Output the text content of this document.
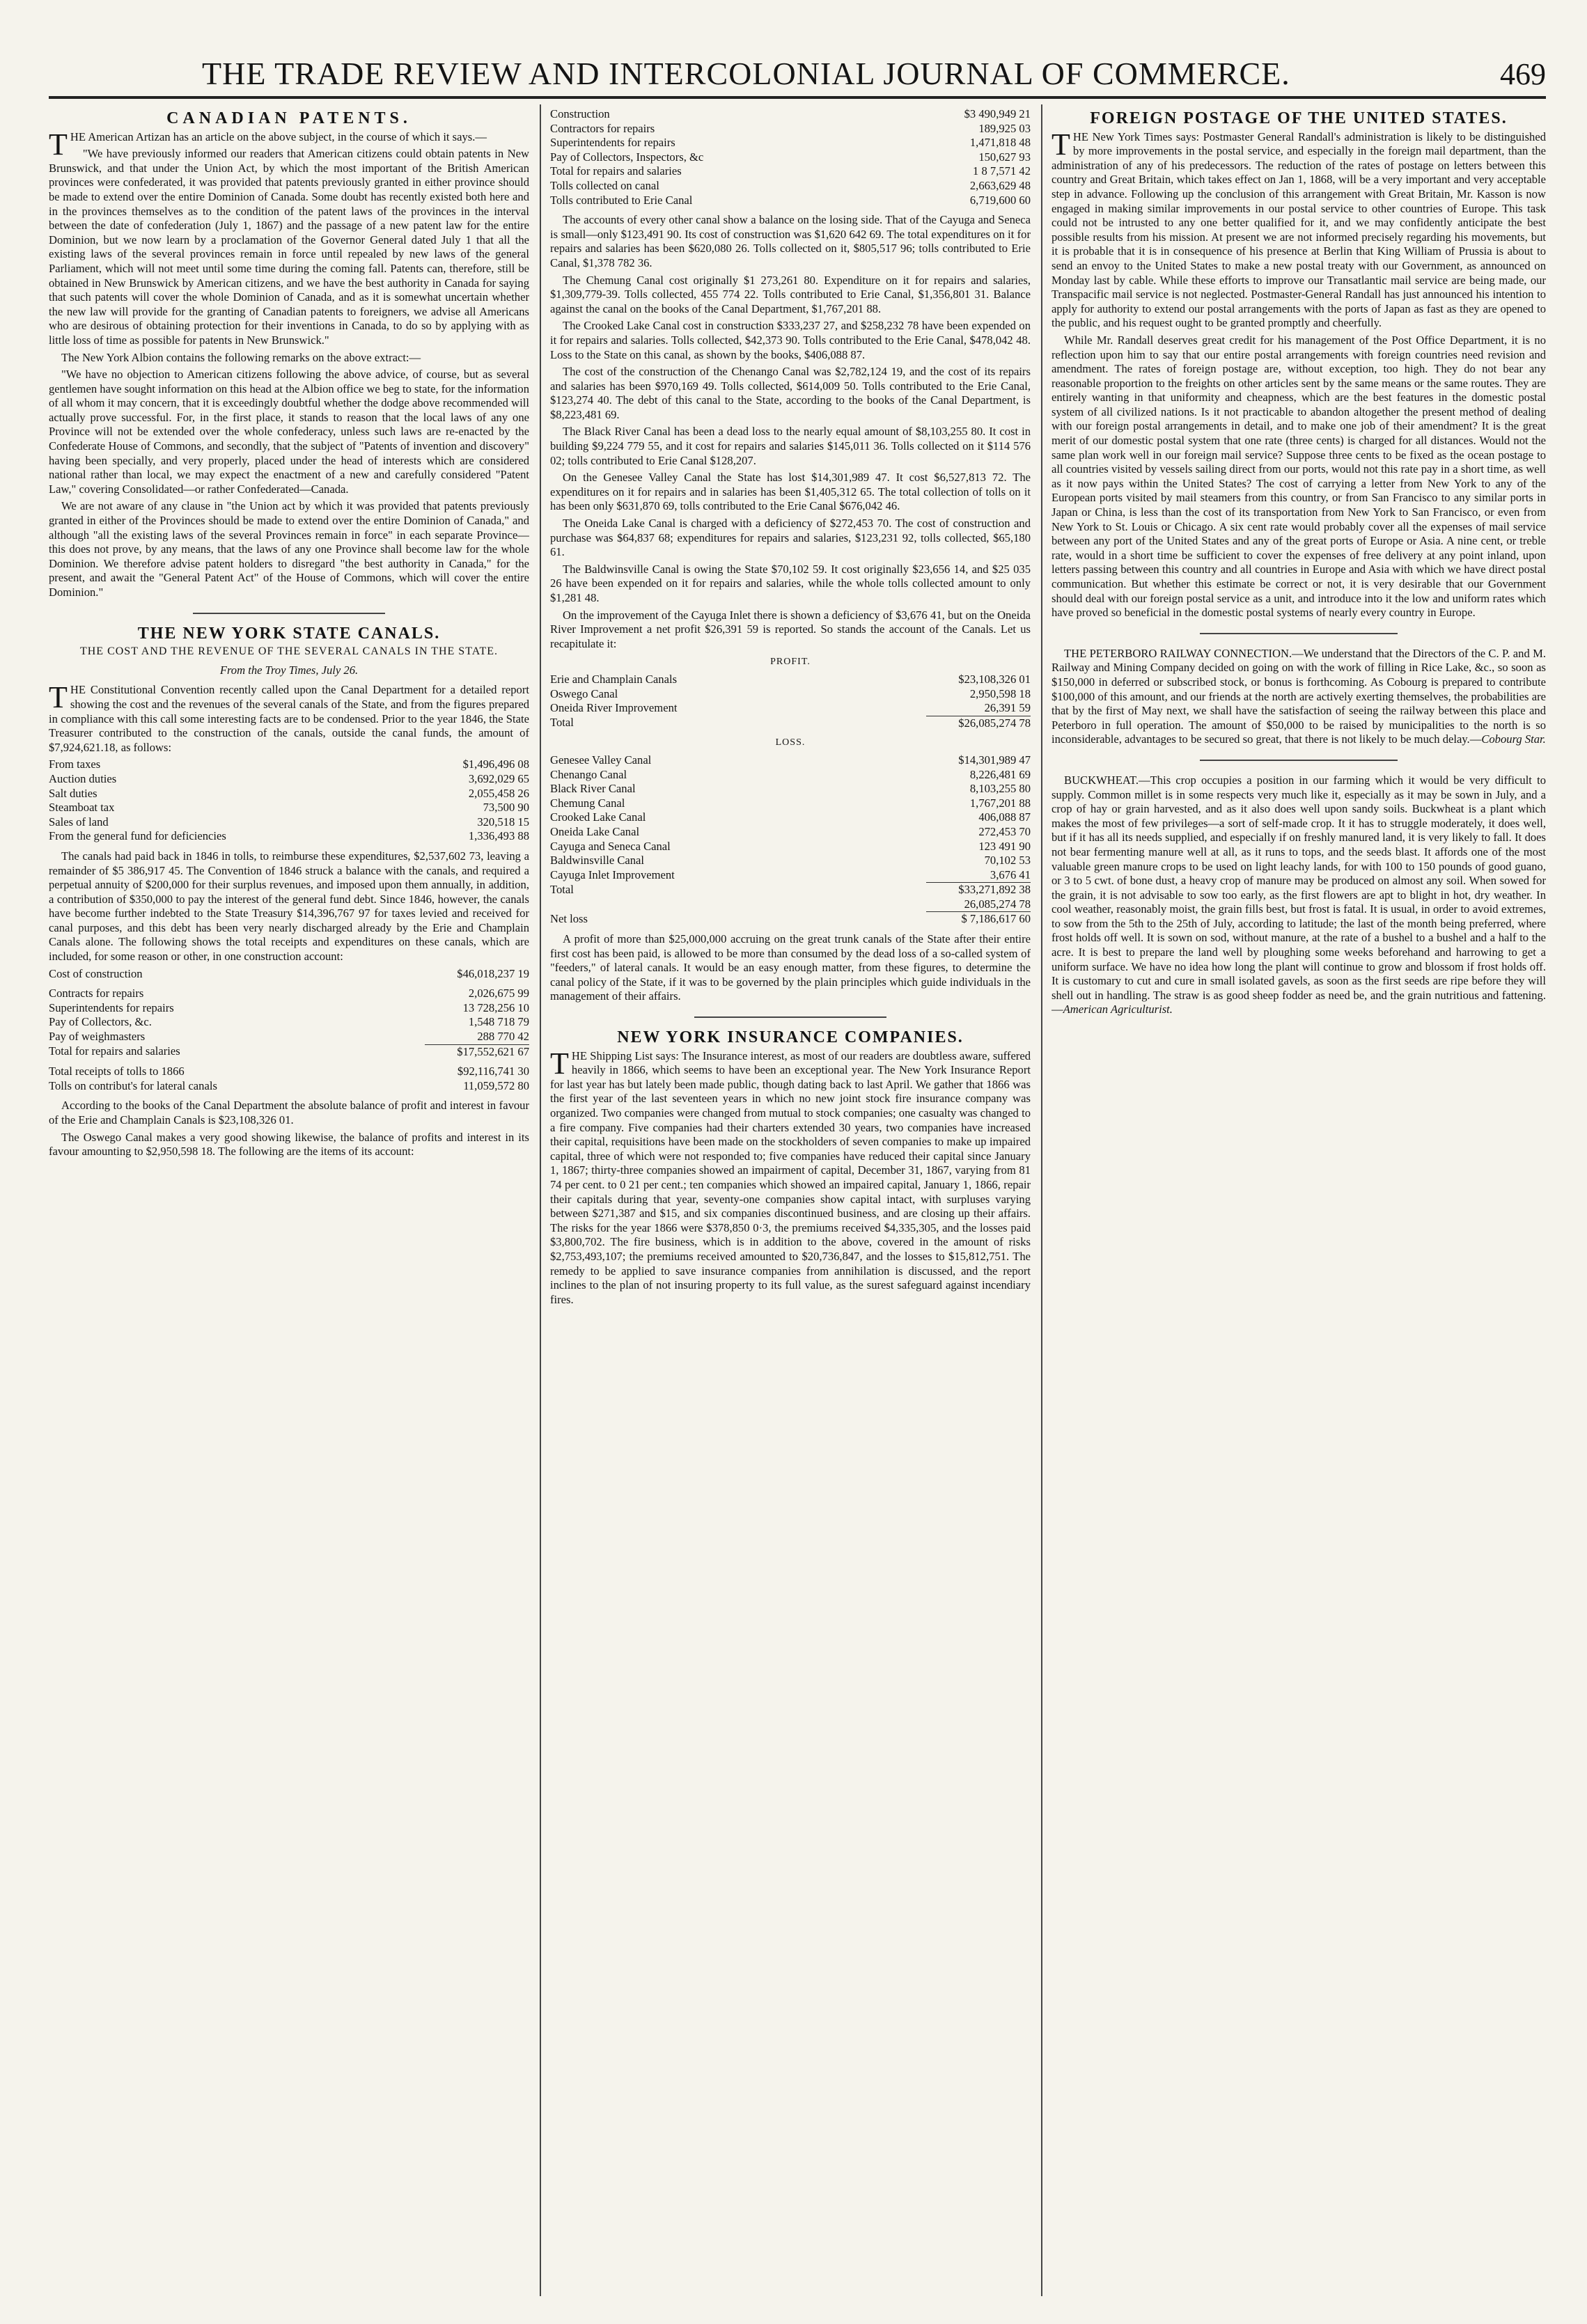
THE TRADE REVIEW AND INTERCOLONIAL JOURNAL OF COMMERCE.	469
CANADIAN PATENTS.

THE American Artizan has an article on the above subject, in the course of which it says.—

"We have previously informed our readers that American citizens could obtain patents in New Brunswick, and that under the Union Act, by which the most important of the British American provinces were confederated, it was provided that patents previously granted in either province should be made to extend over the entire Dominion of Canada. Some doubt has recently existed both here and in the provinces themselves as to the condition of the patent laws of the provinces in the interval between the date of confederation (July 1, 1867) and the passage of a new patent law for the entire Dominion, but we now learn by a proclamation of the Governor General dated July 1 that all the existing laws of the several provinces remain in force until repealed by new laws of the general Parliament, which will not meet until some time during the coming fall. Patents can, therefore, still be obtained in New Brunswick by American citizens, and we have the best authority in Canada for saying that such patents will cover the whole Dominion of Canada, and as it is somewhat uncertain whether the new law will provide for the granting of Canadian patents to foreigners, we advise all Americans who are desirous of obtaining protection for their inventions in Canada, to do so by applying with as little loss of time as possible for patents in New Brunswick."

The New York Albion contains the following remarks on the above extract:—

"We have no objection to American citizens following the above advice, of course, but as several gentlemen have sought information on this head at the Albion office we beg to state, for the information of all whom it may concern, that it is exceedingly doubtful whether the dodge above recommended will actually prove successful. For, in the first place, it stands to reason that the local laws of any one Province will not be extended over the whole confederacy, unless such laws are re-enacted by the Confederate House of Commons, and secondly, that the subject of "Patents of invention and discovery" having been specially, and very properly, placed under the head of interests which are considered national rather than local, we may expect the enactment of a new and carefully considered "Patent Law," covering Consolidated—or rather Confederated—Canada.

We are not aware of any clause in "the Union act by which it was provided that patents previously granted in either of the Provinces should be made to extend over the entire Dominion of Canada," and although "all the existing laws of the several Provinces remain in force" in each separate Province—this does not prove, by any means, that the laws of any one Province shall become law for the whole Dominion. We therefore advise patent holders to disregard "the best authority in Canada," for the present, and await the "General Patent Act" of the House of Commons, which will cover the entire Dominion."

THE NEW YORK STATE CANALS.
THE COST AND THE REVENUE OF THE SEVERAL CANALS IN THE STATE.
From the Troy Times, July 26.

THE Constitutional Convention recently called upon the Canal Department for a detailed report showing the cost and the revenues of the several canals of the State, and from the figures prepared in compliance with this call some interesting facts are to be condensed. Prior to the year 1846, the State Treasurer contributed to the construction of the canals, outside the canal funds, the amount of $7,924,621.18, as follows:

From taxes	$1,496,496 08
Auction duties	3,692,029 65
Salt duties	2,055,458 26
Steamboat tax	73,500 90
Sales of land	320,518 15
From the general fund for deficiencies	1,336,493 88

The canals had paid back in 1846 in tolls, to reimburse these expenditures, $2,537,602 73, leaving a remainder of $5 386,917 45. The Convention of 1846 struck a balance with the canals, and required a perpetual annuity of $200,000 for their surplus revenues, and imposed upon them annually, in addition, a contribution of $350,000 to pay the interest of the general fund debt. Since 1846, however, the canals have become further indebted to the State Treasury $14,396,767 97 for taxes levied and received for canal purposes, and this debt has been very nearly discharged already by the Erie and Champlain Canals alone. The following shows the total receipts and expenditures on these canals, which are included, for some reason or other, in one construction account:

Cost of construction	$46,018,237 19
Contracts for repairs	2,026,675 99
Superintendents for repairs	13 728,256 10
Pay of Collectors, &c.	1,548 718 79
Pay of weighmasters	288 770 42
Total for repairs and salaries	$17,552,621 67
Total receipts of tolls to 1866	$92,116,741 30
Tolls on contribut's for lateral canals	11,059,572 80

According to the books of the Canal Department the absolute balance of profit and interest in favour of the Erie and Champlain Canals is $23,108,326 01.

The Oswego Canal makes a very good showing likewise, the balance of profits and interest in its favour amounting to $2,950,598 18. The following are the items of its account:

Construction	$3 490,949 21
Contractors for repairs	189,925 03
Superintendents for repairs	1,471,818 48
Pay of Collectors, Inspectors, &c	150,627 93
Total for repairs and salaries	1 8 7,571 42
Tolls collected on canal	2,663,629 48
Tolls contributed to Erie Canal	6,719,600 60

The accounts of every other canal show a balance on the losing side. That of the Cayuga and Seneca is small—only $123,491 90. Its cost of construction was $1,620 642 69. The total expenditures on it for repairs and salaries has been $620,080 26. Tolls collected on it, $805,517 96; tolls contributed to Erie Canal, $1,378 782 36.

The Chemung Canal cost originally $1 273,261 80. Expenditure on it for repairs and salaries, $1,309,779-39. Tolls collected, 455 774 22. Tolls contributed to Erie Canal, $1,356,801 31. Balance against the canal on the books of the Canal Department, $1,767,201 88.

The Crooked Lake Canal cost in construction $333,237 27, and $258,232 78 have been expended on it for repairs and salaries. Tolls collected, $42,373 90. Tolls contributed to the Erie Canal, $478,042 48. Loss to the State on this canal, as shown by the books, $406,088 87.

The cost of the construction of the Chenango Canal was $2,782,124 19, and the cost of its repairs and salaries has been $970,169 49. Tolls collected, $614,009 50. Tolls contributed to the Erie Canal, $123,274 40. The debt of this canal to the State, according to the books of the Canal Department, is $8,223,481 69.

The Black River Canal has been a dead loss to the nearly equal amount of $8,103,255 80. It cost in building $9,224 779 55, and it cost for repairs and salaries $145,011 36. Tolls collected on it $114 576 02; tolls contributed to Erie Canal $128,207.

On the Genesee Valley Canal the State has lost $14,301,989 47. It cost $6,527,813 72. The expenditures on it for repairs and in salaries has been $1,405,312 65. The total collection of tolls on it has been only $631,870 69, tolls contributed to the Erie Canal $676,042 46.

The Oneida Lake Canal is charged with a deficiency of $272,453 70. The cost of construction and purchase was $64,837 68; expenditures for repairs and salaries, $123,231 92, tolls collected, $65,180 61.

The Baldwinsville Canal is owing the State $70,102 59. It cost originally $23,656 14, and $25 035 26 have been expended on it for repairs and salaries, while the whole tolls collected amount to only $1,281 48.

On the improvement of the Cayuga Inlet there is shown a deficiency of $3,676 41, but on the Oneida River Improvement a net profit $26,391 59 is reported. So stands the account of the Canals. Let us recapitulate it:

PROFIT.
Erie and Champlain Canals	$23,108,326 01
Oswego Canal	2,950,598 18
Oneida River Improvement	26,391 59
Total	$26,085,274 78
LOSS.
Genesee Valley Canal	$14,301,989 47
Chenango Canal	8,226,481 69
Black River Canal	8,103,255 80
Chemung Canal	1,767,201 88
Crooked Lake Canal	406,088 87
Oneida Lake Canal	272,453 70
Cayuga and Seneca Canal	123 491 90
Baldwinsville Canal	70,102 53
Cayuga Inlet Improvement	3,676 41
Total	$33,271,892 38
	26,085,274 78
Net loss	$ 7,186,617 60

A profit of more than $25,000,000 accruing on the great trunk canals of the State after their entire first cost has been paid, is allowed to be more than consumed by the dead loss of a so-called system of "feeders," of lateral canals. It would be an easy enough matter, from these figures, to determine the canal policy of the State, if it was to be governed by the plain principles which guide individuals in the management of their affairs.

NEW YORK INSURANCE COMPANIES.

THE Shipping List says: The Insurance interest, as most of our readers are doubtless aware, suffered heavily in 1866, which seems to have been an exceptional year. The New York Insurance Report for last year has but lately been made public, though dating back to last April. We gather that 1866 was the first year of the last seventeen years in which no new joint stock fire insurance company was organized. Two companies were changed from mutual to stock companies; one casualty was changed to a fire company. Five companies had their charters extended 30 years, two companies have increased their capital, requisitions have been made on the stockholders of seven companies to make up impaired capital, three of which were not responded to; five companies have reduced their capital since January 1, 1867; thirty-three companies showed an impairment of capital, December 31, 1867, varying from 81 74 per cent. to 0 21 per cent.; ten companies which showed an impaired capital, January 1, 1866, repair their capitals during that year, seventy-one companies show capital intact, with surpluses varying between $271,387 and $15, and six companies discontinued business, and are closing up their affairs. The risks for the year 1866 were $378,850 0·3, the premiums received $4,335,305, and the losses paid $3,800,702. The fire business, which is in addition to the above, covered in the amount of risks $2,753,493,107; the premiums received amounted to $20,736,847, and the losses to $15,812,751. The remedy to be applied to save insurance companies from annihilation is discussed, and the report inclines to the plan of not insuring property to its full value, as the surest safeguard against incendiary fires.

FOREIGN POSTAGE OF THE UNITED STATES.

THE New York Times says: Postmaster General Randall's administration is likely to be distinguished by more improvements in the postal service, and especially in the foreign mail department, than the administration of any of his predecessors. The reduction of the rates of postage on letters between this country and Great Britain, which takes effect on Jan 1, 1868, will be a very important and very acceptable step in advance. Following up the conclusion of this arrangement with Great Britain, Mr. Kasson is now engaged in making similar improvements in our postal service to other countries of Europe. This task could not be intrusted to any one better qualified for it, and we may confidently anticipate the best possible results from his mission. At present we are not informed precisely regarding his movements, but it is probable that it is in consequence of his presence at Berlin that King William of Prussia is about to send an envoy to the United States to make a new postal treaty with our Government, as announced on Monday last by cable. While these efforts to improve our Transatlantic mail service are being made, our Transpacific mail service is not neglected. Postmaster-General Randall has just announced his intention to apply for authority to extend our postal arrangements with the ports of Japan as fast as they are opened to the public, and his request ought to be granted promptly and cheerfully.

While Mr. Randall deserves great credit for his management of the Post Office Department, it is no reflection upon him to say that our entire postal arrangements with foreign countries need revision and amendment. The rates of foreign postage are, without exception, too high. They do not bear any reasonable proportion to the freights on other articles sent by the same means or the same routes. They are entirely wanting in that uniformity and cheapness, which are the best features in the domestic postal system of all civilized nations. Is it not practicable to abandon altogether the present method of dealing with our foreign postal arrangements in detail, and to make one job of their amendment? It is the great merit of our domestic postal system that one rate (three cents) is charged for all distances. Would not the same plan work well in our foreign mail service? Suppose three cents to be fixed as the ocean postage to all countries visited by vessels sailing direct from our ports, would not this rate pay in a short time, as well as it now pays within the United States? The cost of carrying a letter from New York to any of the European ports visited by mail steamers from this country, or from San Francisco to any similar ports in Japan or China, is less than the cost of its transportation from New York to San Francisco, or even from New York to St. Louis or Chicago. A six cent rate would probably cover all the expenses of mail service between any port of the United States and any of the great ports of Europe or Asia. A nine cent, or treble rate, would in a short time be sufficient to cover the expenses of free delivery at any point inland, upon letters passing between this country and all countries in Europe and Asia with which we have direct postal communication. But whether this estimate be correct or not, it is very desirable that our Government should deal with our foreign postal service as a unit, and introduce into it the low and uniform rates which have proved so beneficial in the domestic postal systems of nearly every country in Europe.

THE PETERBORO RAILWAY CONNECTION.—We understand that the Directors of the C. P. and M. Railway and Mining Company decided on going on with the work of filling in Rice Lake, &c., so soon as $150,000 in deferred or subscribed stock, or bonus is forthcoming. As Cobourg is prepared to contribute $100,000 of this amount, and our friends at the north are actively exerting themselves, the probabilities are that by the first of May next, we shall have the satisfaction of seeing the railway between this place and Peterboro in full operation. The amount of $50,000 to be raised by municipalities to the north is so inconsiderable, advantages to be secured so great, that there is not likely to be much delay.—Cobourg Star.

BUCKWHEAT.—This crop occupies a position in our farming which it would be very difficult to supply. Common millet is in some respects very much like it, especially as it may be sown in July, and a crop of hay or grain harvested, and as it also does well upon sandy soils. Buckwheat is a plant which makes the most of few privileges—a sort of self-made crop. It it has to struggle moderately, it does well, but if it has all its needs supplied, and especially if on freshly manured land, it is very likely to fall. It does not bear fermenting manure well at all, as it runs to tops, and the seeds blast. It affords one of the most valuable green manure crops to be used on light leachy lands, for with 100 to 150 pounds of good guano, or 3 to 5 cwt. of bone dust, a heavy crop of manure may be produced on almost any soil. When sowed for the grain, it is not advisable to sow too early, as the first flowers are apt to blight in hot, dry weather. In cool weather, reasonably moist, the grain fills best, but frost is fatal. It is usual, in order to avoid extremes, to sow from the 5th to the 25th of July, according to latitude; the last of the month being preferred, where frost holds off well. It is sown on sod, without manure, at the rate of a bushel to a bushel and a half to the acre. It is best to prepare the land well by ploughing some weeks beforehand and harrowing to get a uniform surface. We have no idea how long the plant will continue to grow and blossom if frost holds off. It is customary to cut and cure in small isolated gavels, as soon as the first seeds are ripe before they will shell out in handling. The straw is as good sheep fodder as need be, and the grain nutritious and fattening.—American Agriculturist.
